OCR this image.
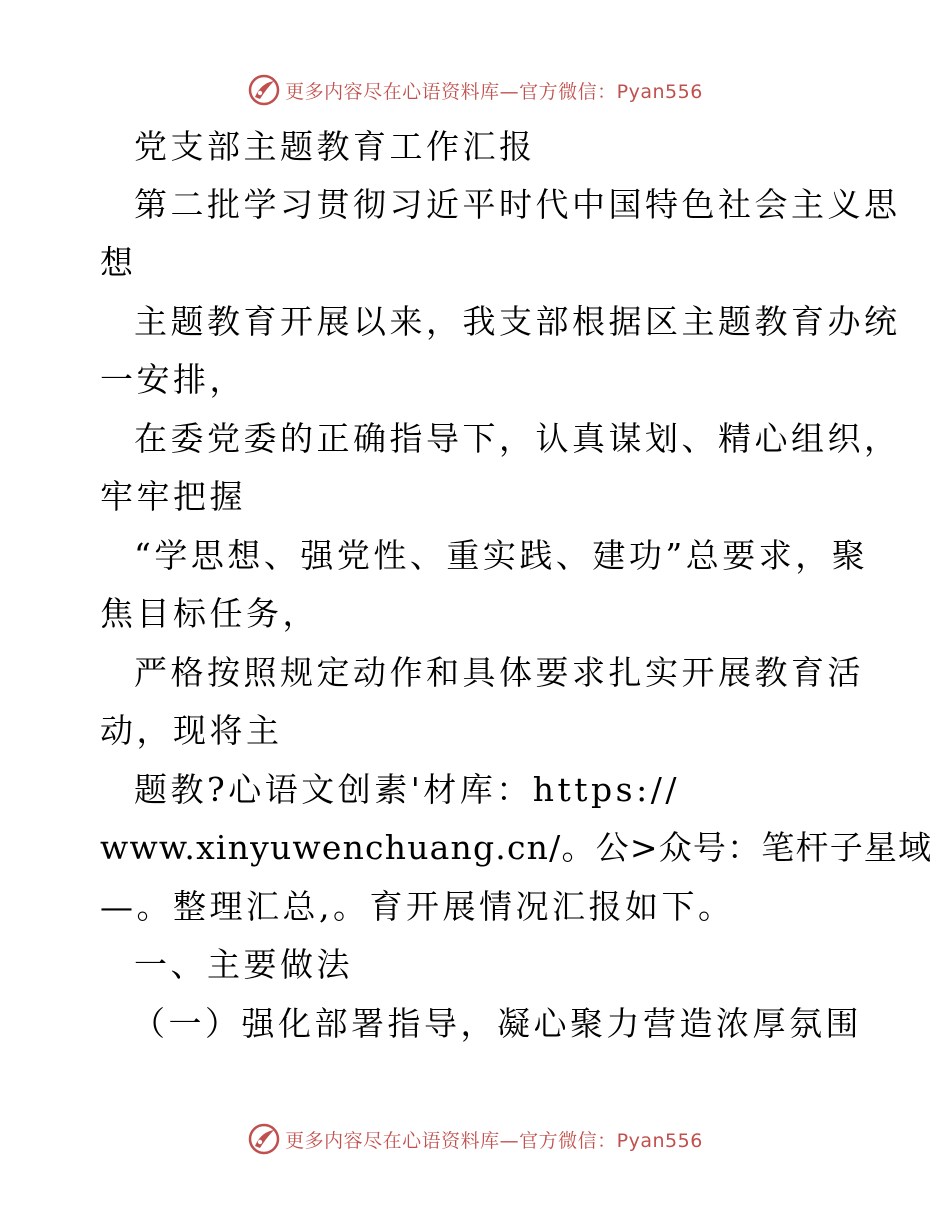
更多内容尽在心语资料库—官方微信：Pyan556
党支部主题教育工作汇报
第二批学习贯彻习近平时代中国特色社会主义思
想
主题教育开展以来，我支部根据区主题教育办统
一安排，
在委党委的正确指导下，认真谋划、精心组织，
牢牢把握
“学思想、强党性、重实践、建功”总要求，聚
焦目标任务，
严格按照规定动作和具体要求扎实开展教育活
动，现将主
题教?心语文创素'材库：https://
www.xinyuwenchuang.cn/。公>众号：笔杆子星域
—。整理汇总,。育开展情况汇报如下。
一、主要做法
（一）强化部署指导，凝心聚力营造浓厚氛围
更多内容尽在心语资料库—官方微信：Pyan556
